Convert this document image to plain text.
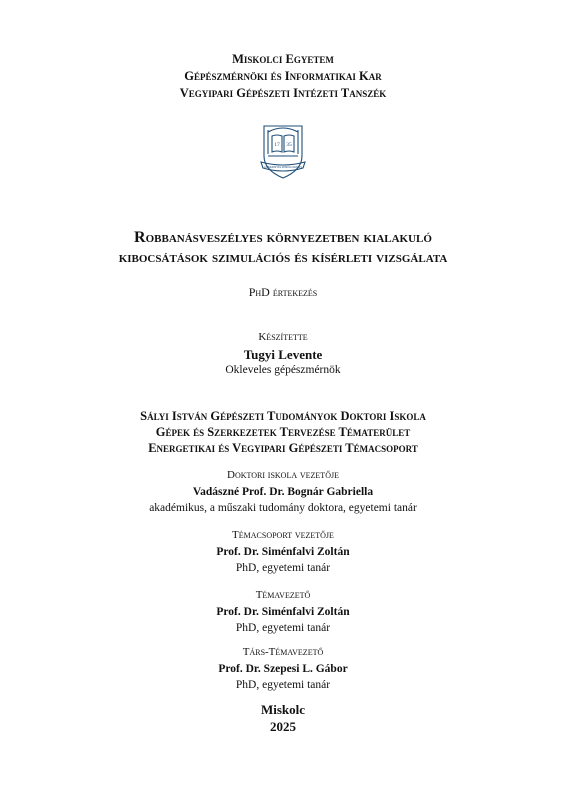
Miskolci Egyetem
Gépészmérnöki és Informatikai Kar
Vegyipari Gépészeti Intézeti Tanszék
17 35
UNIVERSITAS MISKOLCIENSIS
Robbanásveszélyes környezetben kialakuló
kibocsátások szimulációs és kísérleti vizsgálata
PhD értekezés
Készítette
Tugyi Levente
Okleveles gépészmérnök
Sályi István Gépészeti Tudományok Doktori Iskola
Gépek és Szerkezetek Tervezése Tématerület
Energetikai és Vegyipari Gépészeti Témacsoport
Doktori iskola vezetője
Vadászné Prof. Dr. Bognár Gabriella
akadémikus, a műszaki tudomány doktora, egyetemi tanár
Témacsoport vezetője
Prof. Dr. Siménfalvi Zoltán
PhD, egyetemi tanár
Témavezető
Prof. Dr. Siménfalvi Zoltán
PhD, egyetemi tanár
Társ-Témavezető
Prof. Dr. Szepesi L. Gábor
PhD, egyetemi tanár
Miskolc
2025
